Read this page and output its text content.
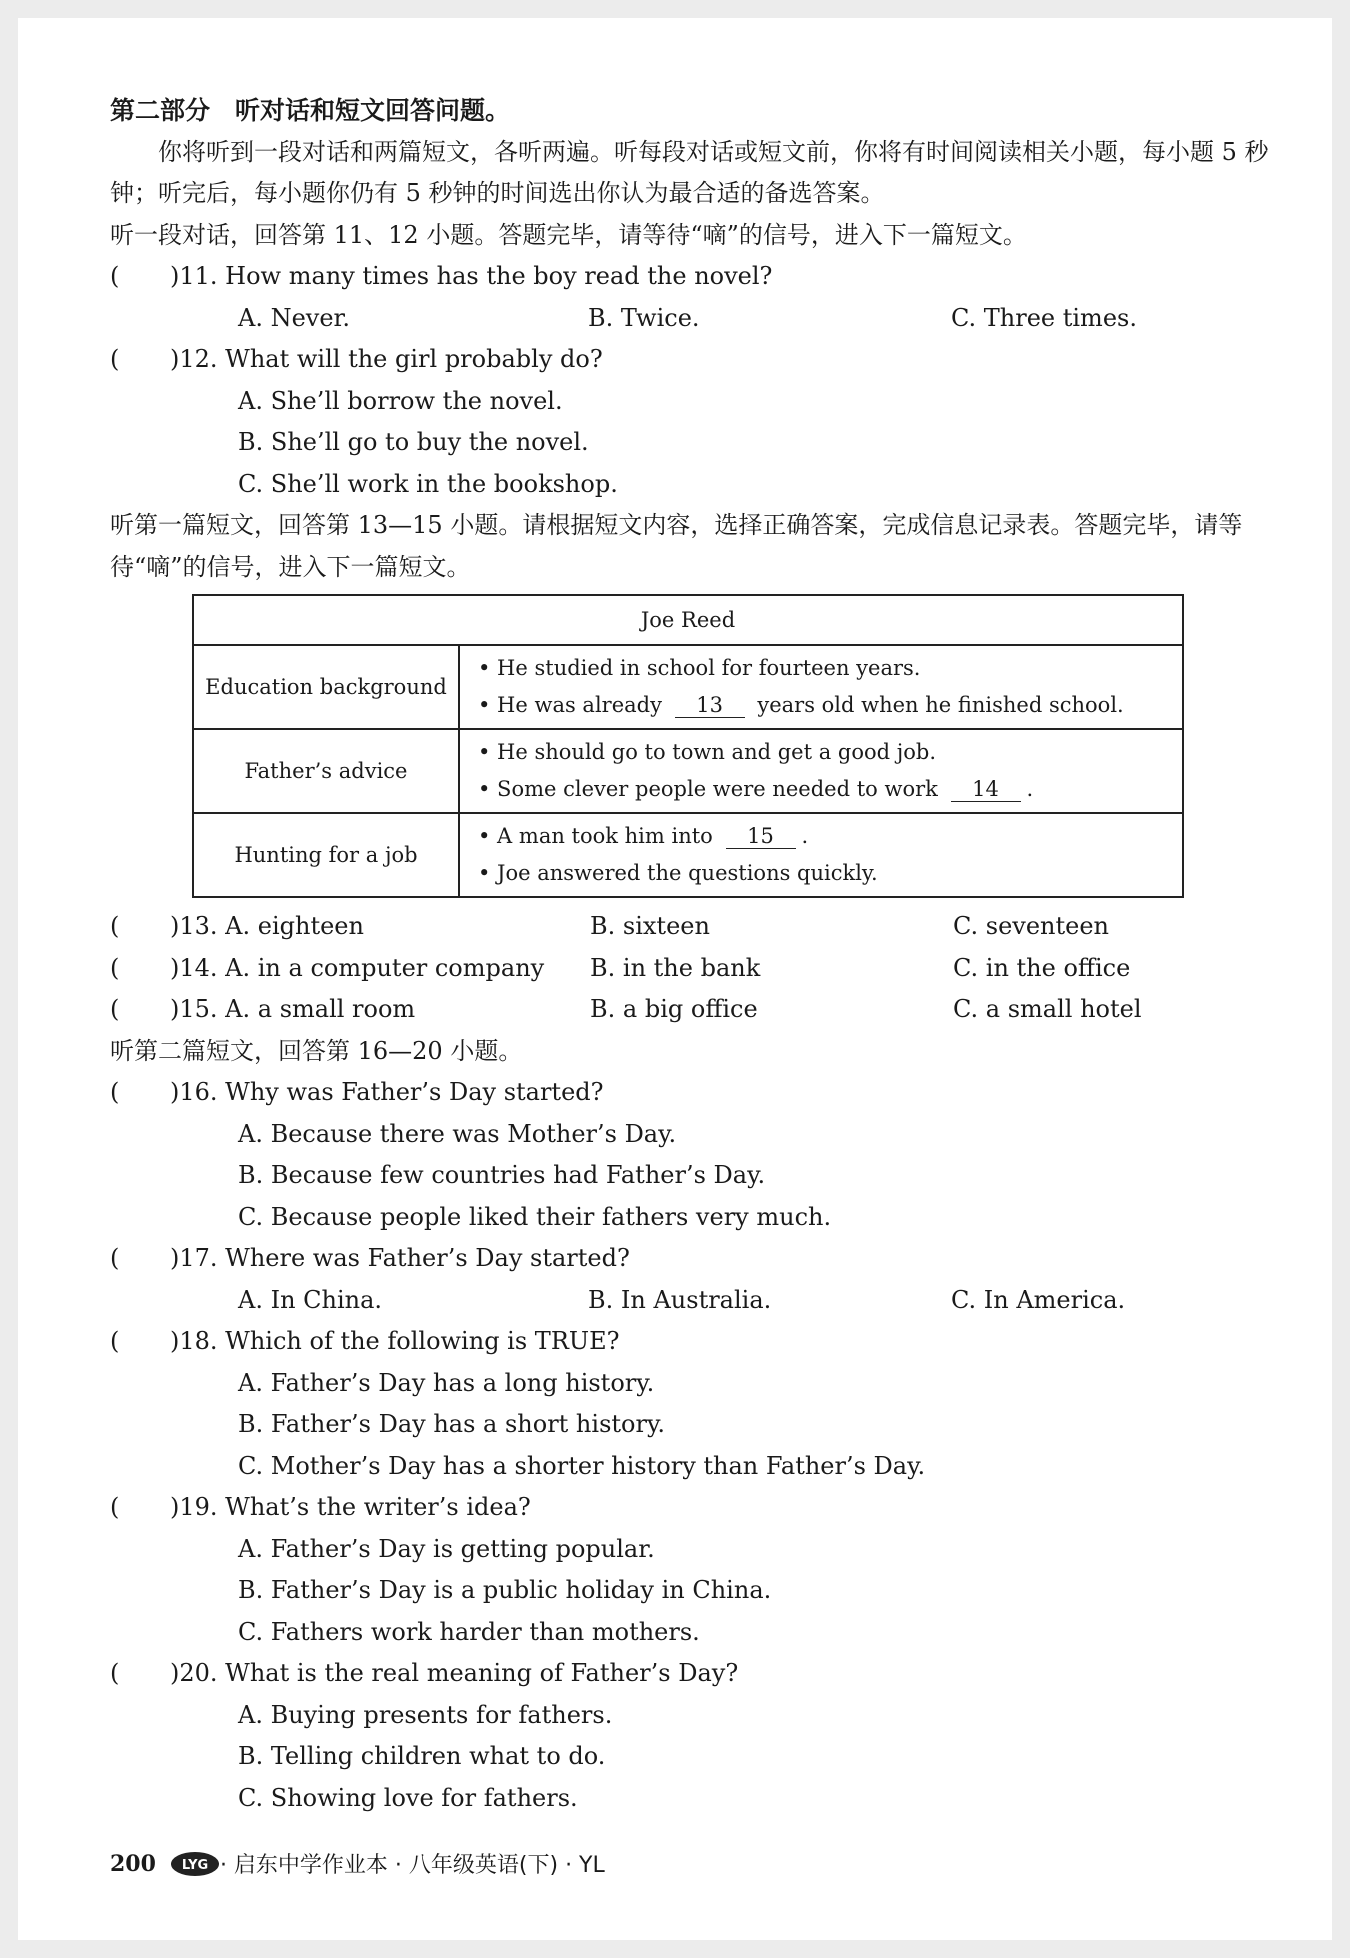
第二部分　听对话和短文回答问题。
你将听到一段对话和两篇短文，各听两遍。听每段对话或短文前，你将有时间阅读相关小题，每小题 5 秒钟；听完后，每小题你仍有 5 秒钟的时间选出你认为最合适的备选答案。
听一段对话，回答第 11、12 小题。答题完毕，请等待“嘀”的信号，进入下一篇短文。
(	)11. How many times has the boy read the novel?
A. Never.	B. Twice.	C. Three times.
(	)12. What will the girl probably do?
A. She’ll borrow the novel.
B. She’ll go to buy the novel.
C. She’ll work in the bookshop.
听第一篇短文，回答第 13—15 小题。请根据短文内容，选择正确答案，完成信息记录表。答题完毕，请等待“嘀”的信号，进入下一篇短文。
Joe Reed	
Education background	• He studied in school for fourteen years.
• He was already 13 years old when he finished school.

Father’s advice	• He should go to town and get a good job.
• Some clever people were needed to work 14 .

Hunting for a job	• A man took him into 15 .
• Joe answered the questions quickly.
(	)13. A. eighteen	B. sixteen	C. seventeen
(	)14. A. in a computer company B. in the bank	C. in the office
(	)15. A. a small room	B. a big office	C. a small hotel
听第二篇短文，回答第 16—20 小题。
(	)16. Why was Father’s Day started?
A. Because there was Mother’s Day.
B. Because few countries had Father’s Day.
C. Because people liked their fathers very much.
(	)17. Where was Father’s Day started?
A. In China.	B. In Australia.	C. In America.
(	)18. Which of the following is TRUE?
A. Father’s Day has a long history.
B. Father’s Day has a short history.
C. Mother’s Day has a shorter history than Father’s Day.
(	)19. What’s the writer’s idea?
A. Father’s Day is getting popular.
B. Father’s Day is a public holiday in China.
C. Fathers work harder than mothers.
(	)20. What is the real meaning of Father’s Day?
A. Buying presents for fathers.
B. Telling children what to do.
C. Showing love for fathers.
200 LYG · 启东中学作业本 · 八年级英语(下) · YL
